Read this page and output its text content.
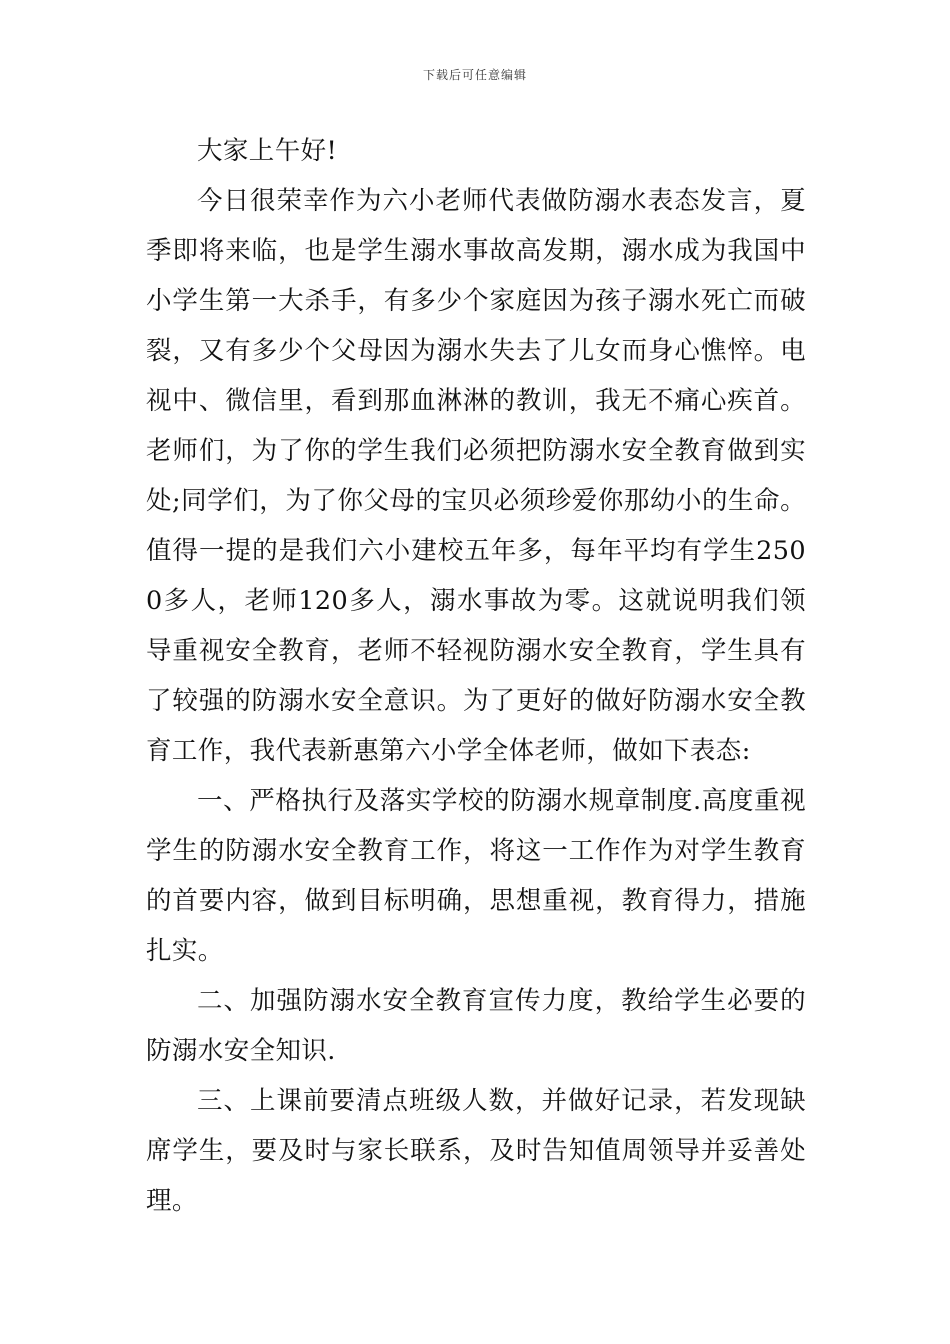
下载后可任意编辑

大家上午好!

今日很荣幸作为六小老师代表做防溺水表态发言，夏季即将来临，也是学生溺水事故高发期，溺水成为我国中小学生第一大杀手，有多少个家庭因为孩子溺水死亡而破裂，又有多少个父母因为溺水失去了儿女而身心憔悴。电视中、微信里，看到那血淋淋的教训，我无不痛心疾首。老师们，为了你的学生我们必须把防溺水安全教育做到实处;同学们，为了你父母的宝贝必须珍爱你那幼小的生命。值得一提的是我们六小建校五年多，每年平均有学生2500多人，老师120多人，溺水事故为零。这就说明我们领导重视安全教育，老师不轻视防溺水安全教育，学生具有了较强的防溺水安全意识。为了更好的做好防溺水安全教育工作，我代表新惠第六小学全体老师，做如下表态:

一、严格执行及落实学校的防溺水规章制度.高度重视学生的防溺水安全教育工作，将这一工作作为对学生教育的首要内容，做到目标明确，思想重视，教育得力，措施扎实。

二、加强防溺水安全教育宣传力度，教给学生必要的防溺水安全知识.

三、上课前要清点班级人数，并做好记录，若发现缺席学生，要及时与家长联系，及时告知值周领导并妥善处理。
